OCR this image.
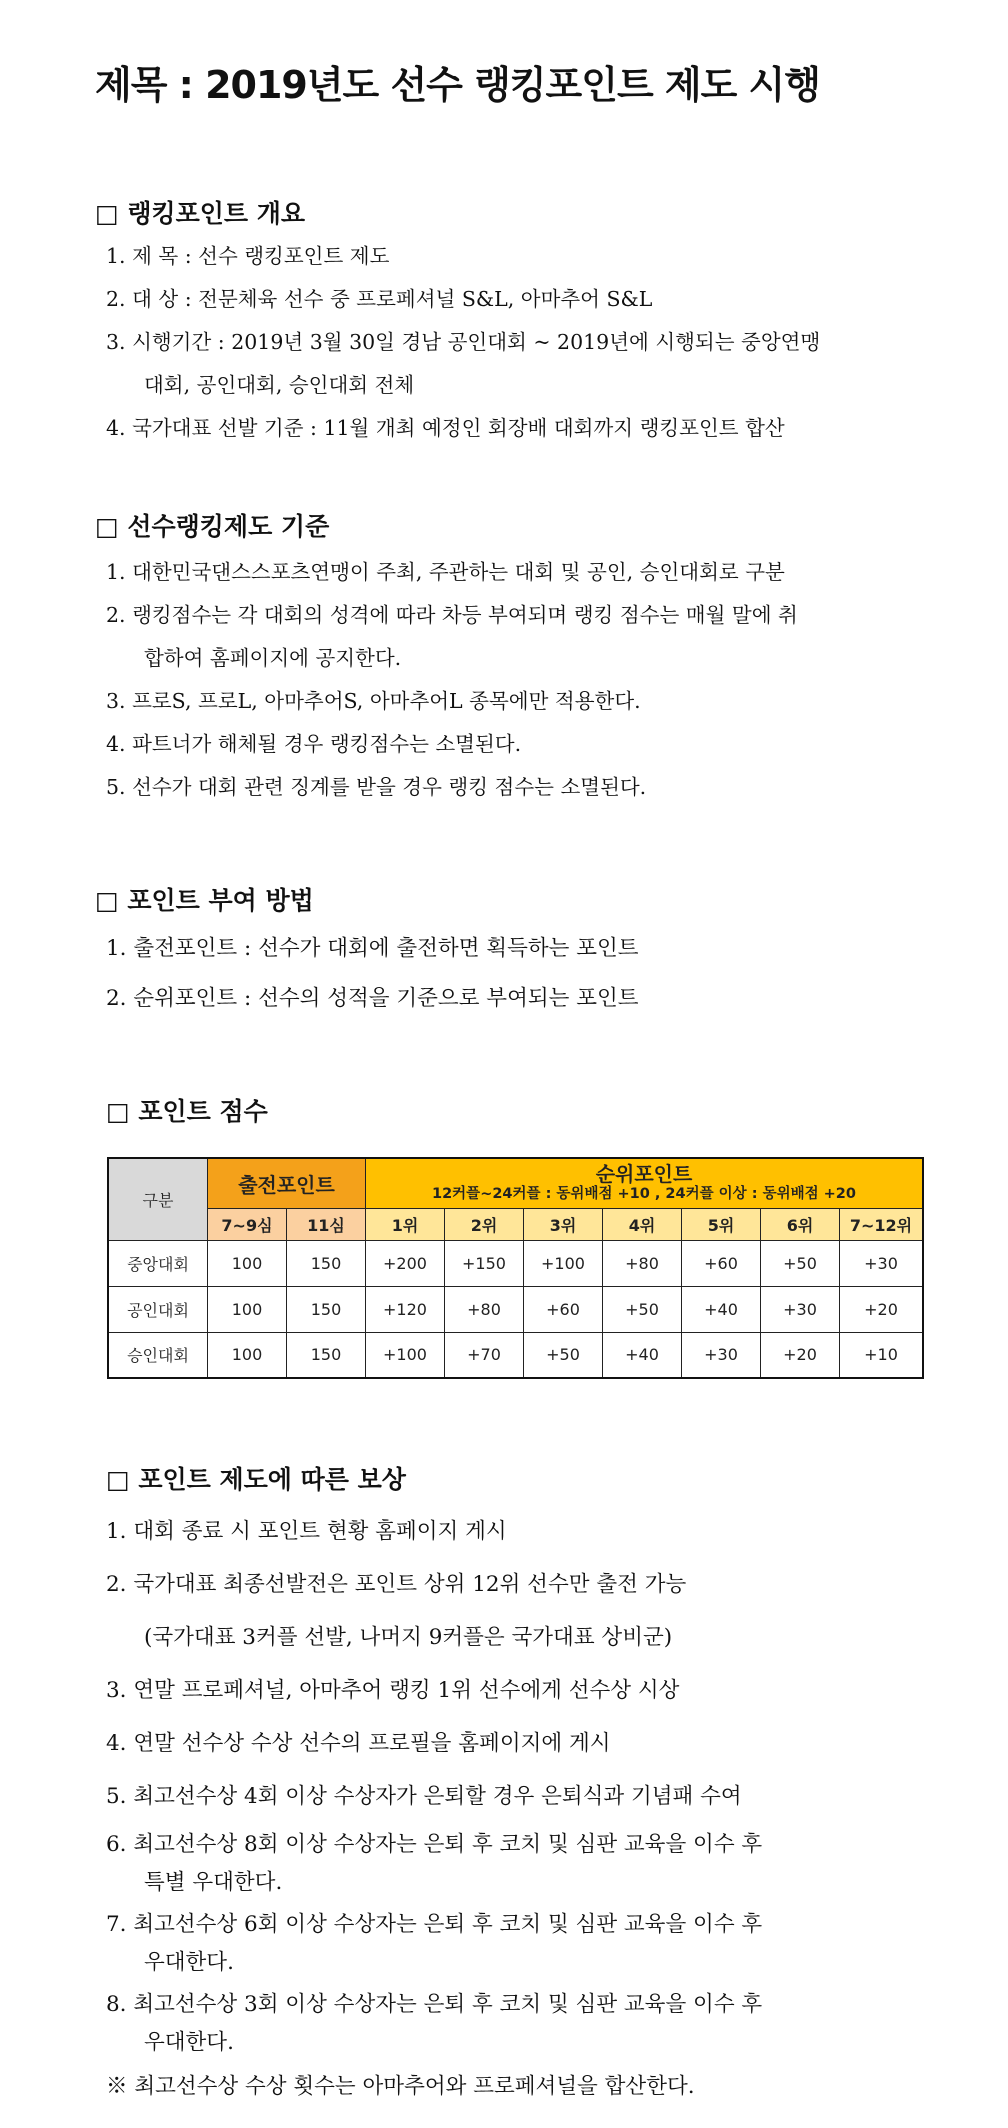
제목 : 2019년도 선수 랭킹포인트 제도 시행
□ 랭킹포인트 개요
1. 제 목 : 선수 랭킹포인트 제도
2. 대 상 : 전문체육 선수 중 프로페셔널 S&L, 아마추어 S&L
3. 시행기간 : 2019년 3월 30일 경남 공인대회 ~ 2019년에 시행되는 중앙연맹
대회, 공인대회, 승인대회 전체
4. 국가대표 선발 기준 : 11월 개최 예정인 회장배 대회까지 랭킹포인트 합산
□ 선수랭킹제도 기준
1. 대한민국댄스스포츠연맹이 주최, 주관하는 대회 및 공인, 승인대회로 구분
2. 랭킹점수는 각 대회의 성격에 따라 차등 부여되며 랭킹 점수는 매월 말에 취
합하여 홈페이지에 공지한다.
3. 프로S, 프로L, 아마추어S, 아마추어L 종목에만 적용한다.
4. 파트너가 해체될 경우 랭킹점수는 소멸된다.
5. 선수가 대회 관련 징계를 받을 경우 랭킹 점수는 소멸된다.
□ 포인트 부여 방법
1. 출전포인트 : 선수가 대회에 출전하면 획득하는 포인트
2. 순위포인트 : 선수의 성적을 기준으로 부여되는 포인트
□ 포인트 점수
구분	출전포인트		순위포인트
12커플~24커플 : 동위배점 +10 , 24커플 이상 : 동위배점 +20						

	7~9심	11심	1위	2위	3위	4위	5위	6위	7~12위
중앙대회	100	150	+200	+150	+100	+80	+60	+50	+30
공인대회	100	150	+120	+80	+60	+50	+40	+30	+20
승인대회	100	150	+100	+70	+50	+40	+30	+20	+10
□ 포인트 제도에 따른 보상
1. 대회 종료 시 포인트 현황 홈페이지 게시
2. 국가대표 최종선발전은 포인트 상위 12위 선수만 출전 가능
(국가대표 3커플 선발, 나머지 9커플은 국가대표 상비군)
3. 연말 프로페셔널, 아마추어 랭킹 1위 선수에게 선수상 시상
4. 연말 선수상 수상 선수의 프로필을 홈페이지에 게시
5. 최고선수상 4회 이상 수상자가 은퇴할 경우 은퇴식과 기념패 수여
6. 최고선수상 8회 이상 수상자는 은퇴 후 코치 및 심판 교육을 이수 후
특별 우대한다.
7. 최고선수상 6회 이상 수상자는 은퇴 후 코치 및 심판 교육을 이수 후
우대한다.
8. 최고선수상 3회 이상 수상자는 은퇴 후 코치 및 심판 교육을 이수 후
우대한다.
※ 최고선수상 수상 횟수는 아마추어와 프로페셔널을 합산한다.
